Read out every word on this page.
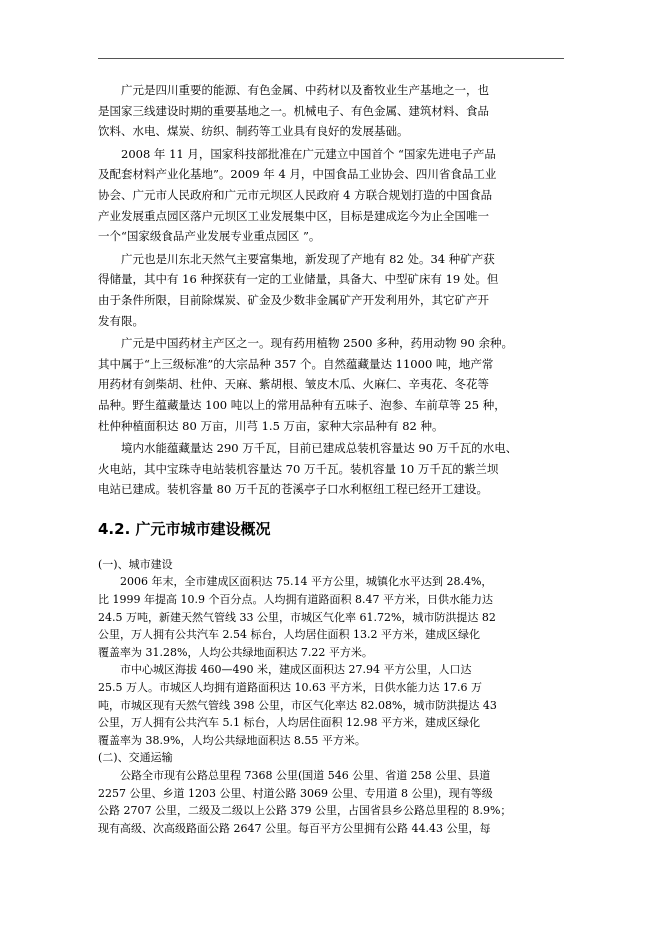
　　广元是四川重要的能源、有色金属、中药材以及畜牧业生产基地之一，也
是国家三线建设时期的重要基地之一。机械电子、有色金属、建筑材料、食品
饮料、水电、煤炭、纺织、制药等工业具有良好的发展基础。
　　2008 年 11 月，国家科技部批准在广元建立中国首个 “国家先进电子产品
及配套材料产业化基地”。2009 年 4 月，中国食品工业协会、四川省食品工业
协会、广元市人民政府和广元市元坝区人民政府 4 方联合规划打造的中国食品
产业发展重点园区落户元坝区工业发展集中区，目标是建成迄今为止全国唯一
一个“国家级食品产业发展专业重点园区 ”。
　　广元也是川东北天然气主要富集地，新发现了产地有 82 处。34 种矿产获
得储量，其中有 16 种探获有一定的工业储量，具备大、中型矿床有 19 处。但
由于条件所限，目前除煤炭、矿金及少数非金属矿产开发利用外，其它矿产开
发有限。
　　广元是中国药材主产区之一。现有药用植物 2500 多种，药用动物 90 余种。
其中属于“上三级标准”的大宗品种 357 个。自然蕴藏量达 11000 吨，地产常
用药材有剑柴胡、杜仲、天麻、紫胡根、皱皮木瓜、火麻仁、辛夷花、冬花等
品种。野生蕴藏量达 100 吨以上的常用品种有五味子、泡参、车前草等 25 种，
杜仲种植面积达 80 万亩，川芎 1.5 万亩，家种大宗品种有 82 种。
　　境内水能蕴藏量达 290 万千瓦，目前已建成总装机容量达 90 万千瓦的水电、
火电站，其中宝珠寺电站装机容量达 70 万千瓦。装机容量 10 万千瓦的紫兰坝
电站已建成。装机容量 80 万千瓦的苍溪亭子口水利枢纽工程已经开工建设。
4.2. 广元市城市建设概况
(一)、城市建设
　　2006 年末，全市建成区面积达 75.14 平方公里，城镇化水平达到 28.4%，
比 1999 年提高 10.9 个百分点。人均拥有道路面积 8.47 平方米，日供水能力达
24.5 万吨，新建天然气管线 33 公里，市城区气化率 61.72%，城市防洪提达 82
公里，万人拥有公共汽车 2.54 标台，人均居住面积 13.2 平方米，建成区绿化
覆盖率为 31.28%，人均公共绿地面积达 7.22 平方米。
　　市中心城区海拔 460—490 米，建成区面积达 27.94 平方公里，人口达
25.5 万人。市城区人均拥有道路面积达 10.63 平方米，日供水能力达 17.6 万
吨，市城区现有天然气管线 398 公里，市区气化率达 82.08%，城市防洪提达 43
公里，万人拥有公共汽车 5.1 标台，人均居住面积 12.98 平方米，建成区绿化
覆盖率为 38.9%，人均公共绿地面积达 8.55 平方米。
(二)、交通运输
　　公路全市现有公路总里程 7368 公里(国道 546 公里、省道 258 公里、县道
2257 公里、乡道 1203 公里、村道公路 3069 公里、专用道 8 公里)，现有等级
公路 2707 公里，二级及二级以上公路 379 公里，占国省县乡公路总里程的 8.9%；
现有高级、次高级路面公路 2647 公里。每百平方公里拥有公路 44.43 公里，每
